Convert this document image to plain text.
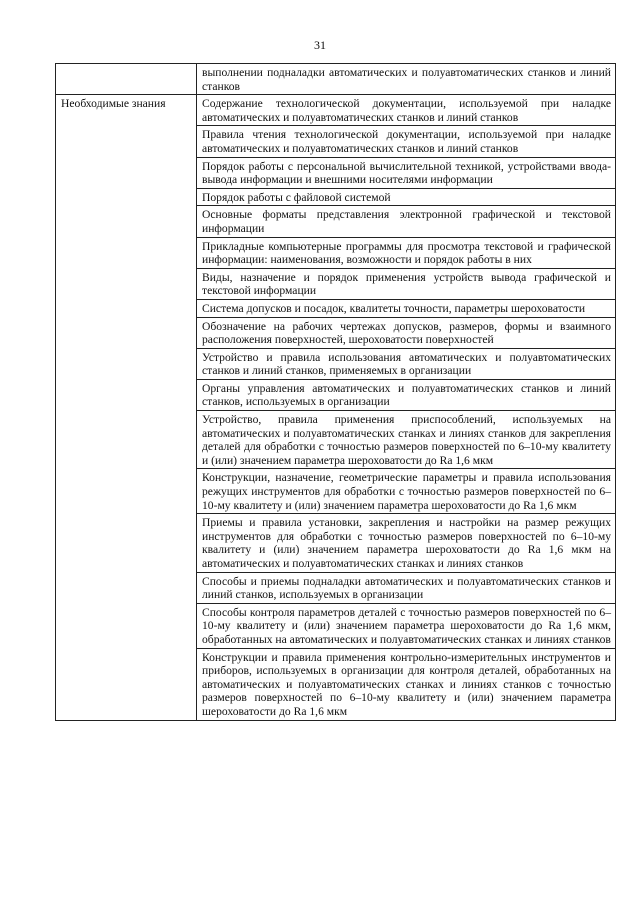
31
	выполнении подналадки автоматических и полуавтоматических станков и линий станков
Необходимые знания	Содержание технологической документации, используемой при наладке автоматических и полуавтоматических станков и линий станков
	Правила чтения технологической документации, используемой при наладке автоматических и полуавтоматических станков и линий станков
	Порядок работы с персональной вычислительной техникой, устройствами ввода-вывода информации и внешними носителями информации
	Порядок работы с файловой системой
	Основные форматы представления электронной графической и текстовой информации
	Прикладные компьютерные программы для просмотра текстовой и графической информации: наименования, возможности и порядок работы в них
	Виды, назначение и порядок применения устройств вывода графической и текстовой информации
	Система допусков и посадок, квалитеты точности, параметры шероховатости
	Обозначение на рабочих чертежах допусков, размеров, формы и взаимного расположения поверхностей, шероховатости поверхностей
	Устройство и правила использования автоматических и полуавтоматических станков и линий станков, применяемых в организации
	Органы управления автоматических и полуавтоматических станков и линий станков, используемых в организации
	Устройство, правила применения приспособлений, используемых на автоматических и полуавтоматических станках и линиях станков для закрепления деталей для обработки с точностью размеров поверхностей по 6–10-му квалитету и (или) значением параметра шероховатости до Ra 1,6 мкм
	Конструкции, назначение, геометрические параметры и правила использования режущих инструментов для обработки с точностью размеров поверхностей по 6–10-му квалитету и (или) значением параметра шероховатости до Ra 1,6 мкм
	Приемы и правила установки, закрепления и настройки на размер режущих инструментов для обработки с точностью размеров поверхностей по 6–10-му квалитету и (или) значением параметра шероховатости до Ra 1,6 мкм на автоматических и полуавтоматических станках и линиях станков
	Способы и приемы подналадки автоматических и полуавтоматических станков и линий станков, используемых в организации
	Способы контроля параметров деталей с точностью размеров поверхностей по 6–10-му квалитету и (или) значением параметра шероховатости до Ra 1,6 мкм, обработанных на автоматических и полуавтоматических станках и линиях станков
	Конструкции и правила применения контрольно-измерительных инструментов и приборов, используемых в организации для контроля деталей, обработанных на автоматических и полуавтоматических станках и линиях станков с точностью размеров поверхностей по 6–10-му квалитету и (или) значением параметра шероховатости до Ra 1,6 мкм
